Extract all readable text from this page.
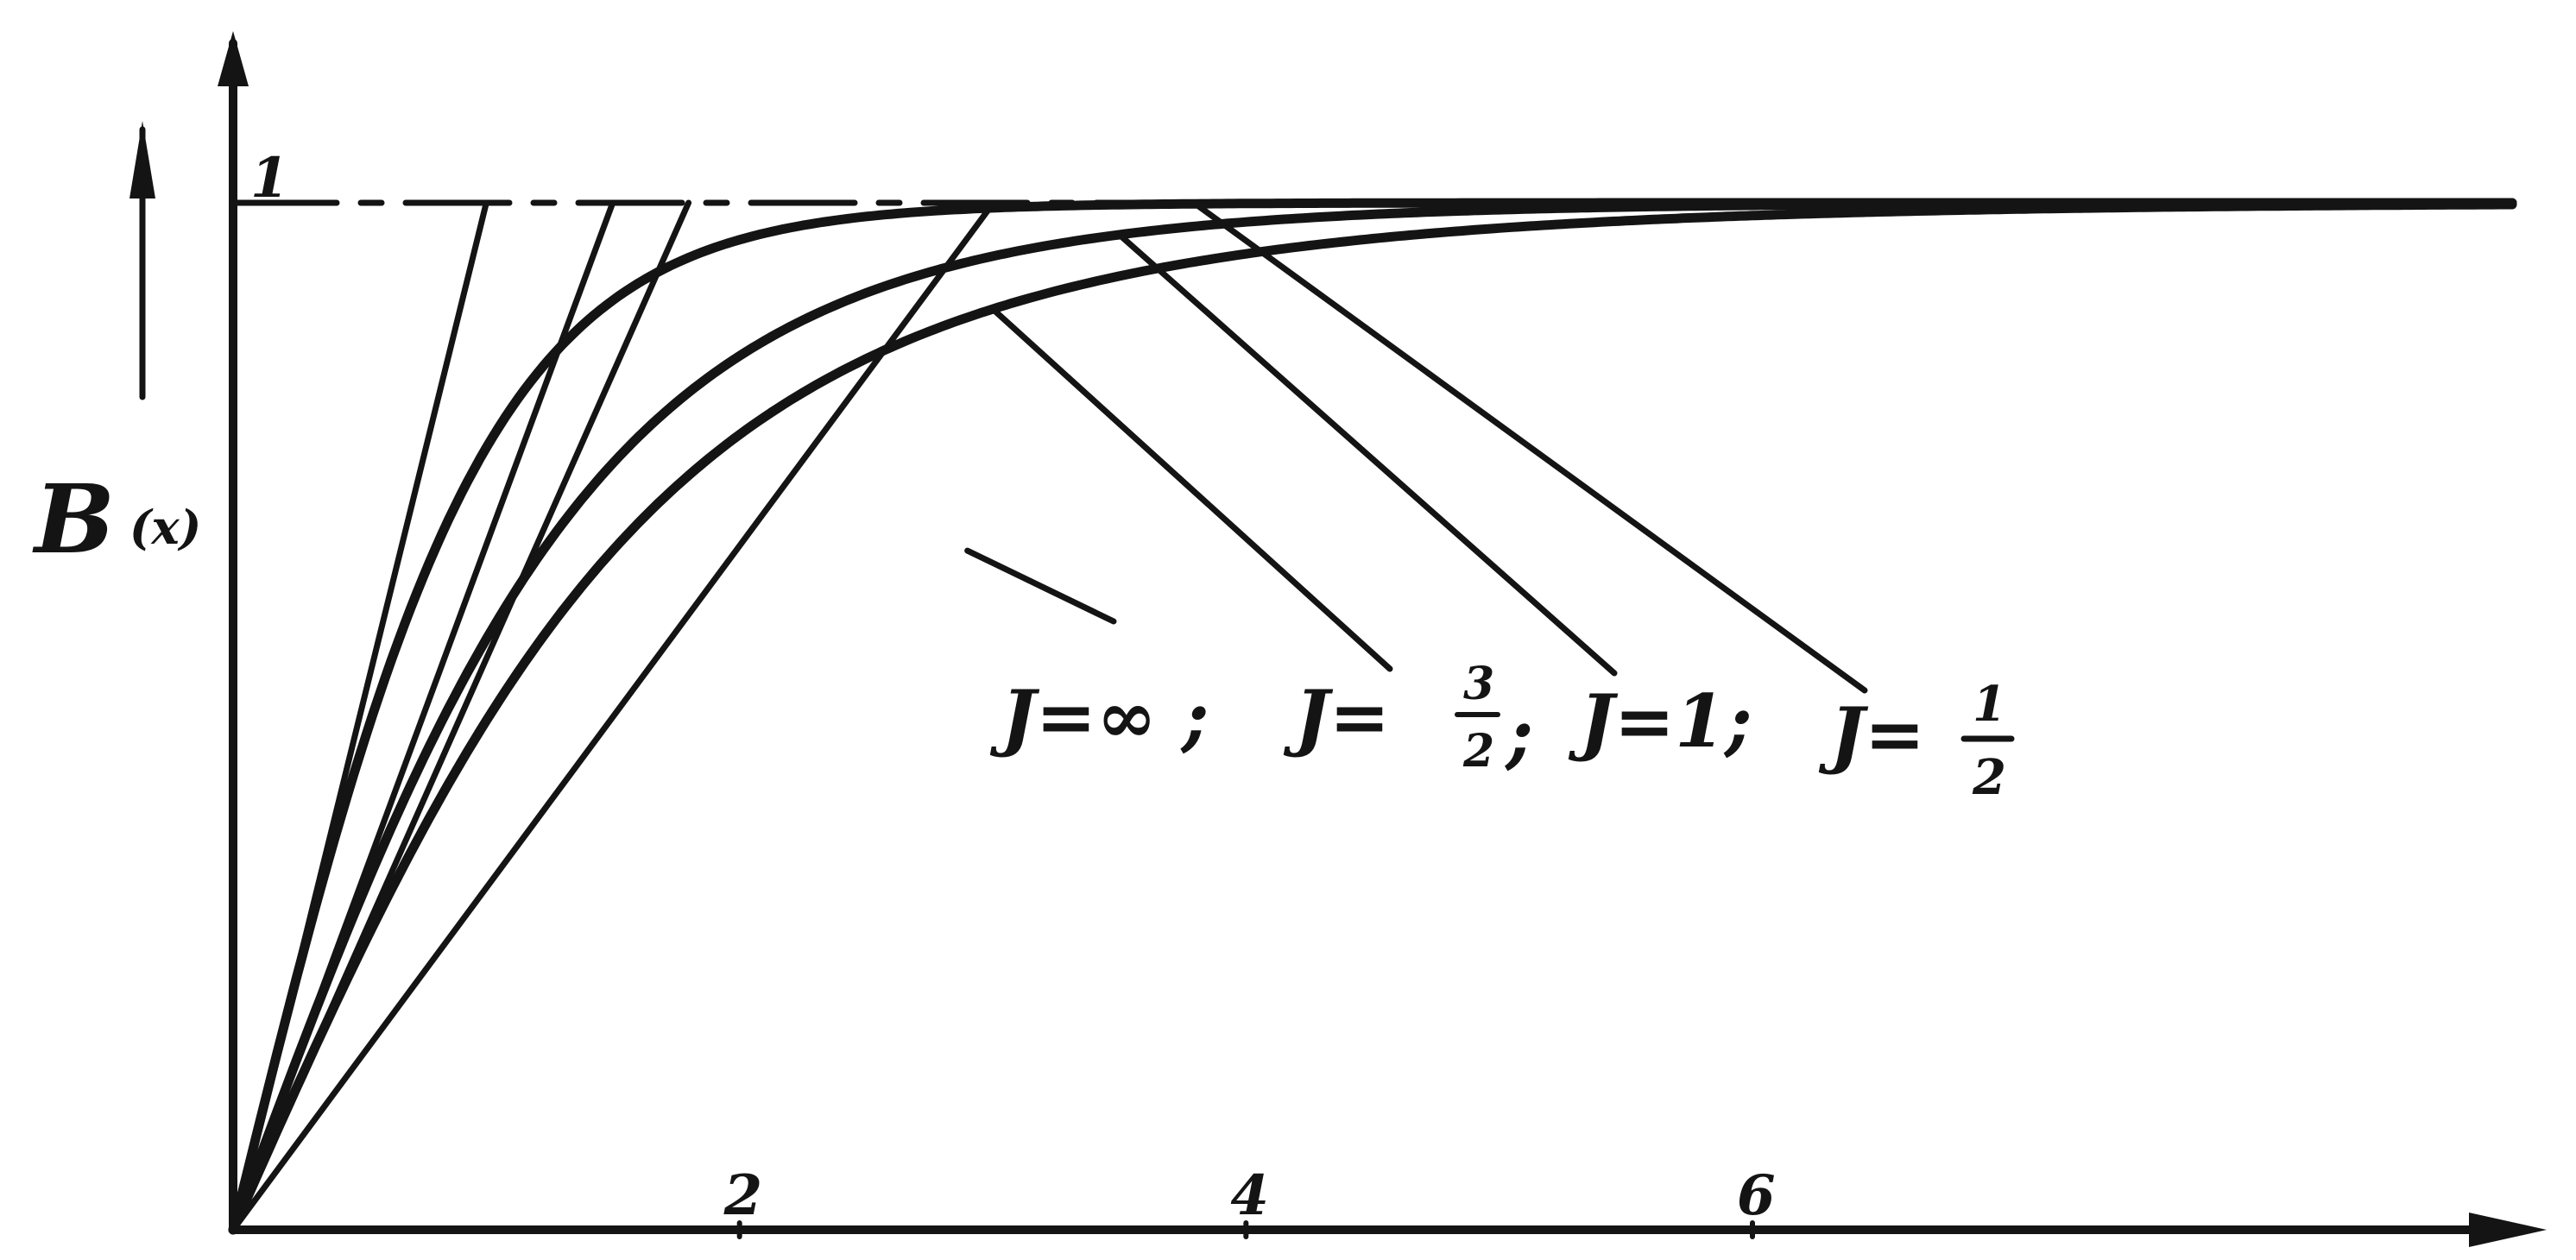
2	4	6
1
B (x)
J=∞ ; J= 3
2 ; J=1; J= 1
2
